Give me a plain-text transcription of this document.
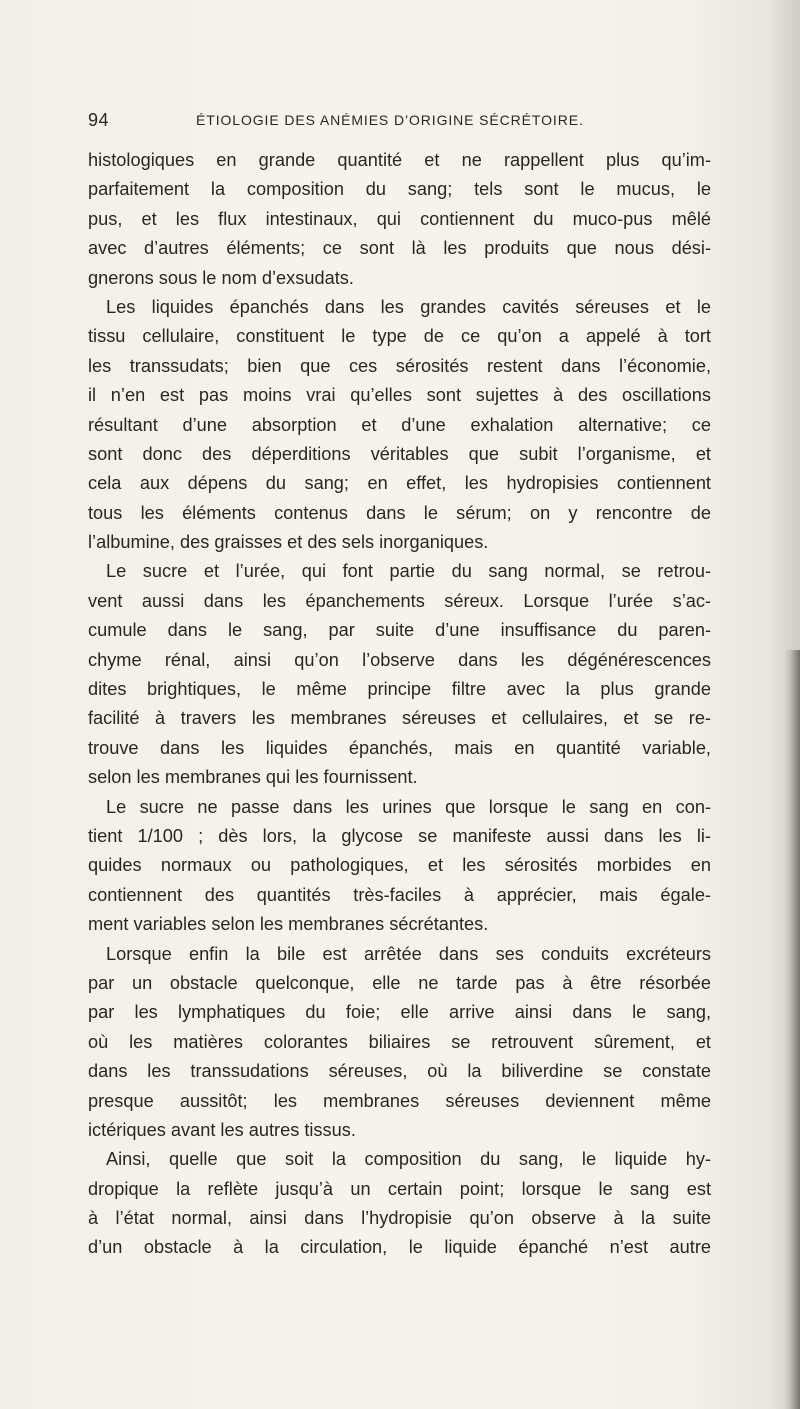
94	ÉTIOLOGIE DES ANÉMIES D’ORIGINE SÉCRÉTOIRE.
histologiques en grande quantité et ne rappellent plus qu’im-
parfaitement la composition du sang; tels sont le mucus, le
pus, et les flux intestinaux, qui contiennent du muco-pus mêlé
avec d’autres éléments; ce sont là les produits que nous dési-
gnerons sous le nom d’exsudats.
Les liquides épanchés dans les grandes cavités séreuses et le
tissu cellulaire, constituent le type de ce qu’on a appelé à tort
les transsudats; bien que ces sérosités restent dans l’économie,
il n’en est pas moins vrai qu’elles sont sujettes à des oscillations
résultant d’une absorption et d’une exhalation alternative; ce
sont donc des déperditions véritables que subit l’organisme, et
cela aux dépens du sang; en effet, les hydropisies contiennent
tous les éléments contenus dans le sérum; on y rencontre de
l’albumine, des graisses et des sels inorganiques.
Le sucre et l’urée, qui font partie du sang normal, se retrou-
vent aussi dans les épanchements séreux. Lorsque l’urée s’ac-
cumule dans le sang, par suite d’une insuffisance du paren-
chyme rénal, ainsi qu’on l’observe dans les dégénérescences
dites brightiques, le même principe filtre avec la plus grande
facilité à travers les membranes séreuses et cellulaires, et se re-
trouve dans les liquides épanchés, mais en quantité variable,
selon les membranes qui les fournissent.
Le sucre ne passe dans les urines que lorsque le sang en con-
tient 1/100 ; dès lors, la glycose se manifeste aussi dans les li-
quides normaux ou pathologiques, et les sérosités morbides en
contiennent des quantités très-faciles à apprécier, mais égale-
ment variables selon les membranes sécrétantes.
Lorsque enfin la bile est arrêtée dans ses conduits excréteurs
par un obstacle quelconque, elle ne tarde pas à être résorbée
par les lymphatiques du foie; elle arrive ainsi dans le sang,
où les matières colorantes biliaires se retrouvent sûrement, et
dans les transsudations séreuses, où la biliverdine se constate
presque aussitôt; les membranes séreuses deviennent même
ictériques avant les autres tissus.
Ainsi, quelle que soit la composition du sang, le liquide hy-
dropique la reflète jusqu’à un certain point; lorsque le sang est
à l’état normal, ainsi dans l’hydropisie qu’on observe à la suite
d’un obstacle à la circulation, le liquide épanché n’est autre
